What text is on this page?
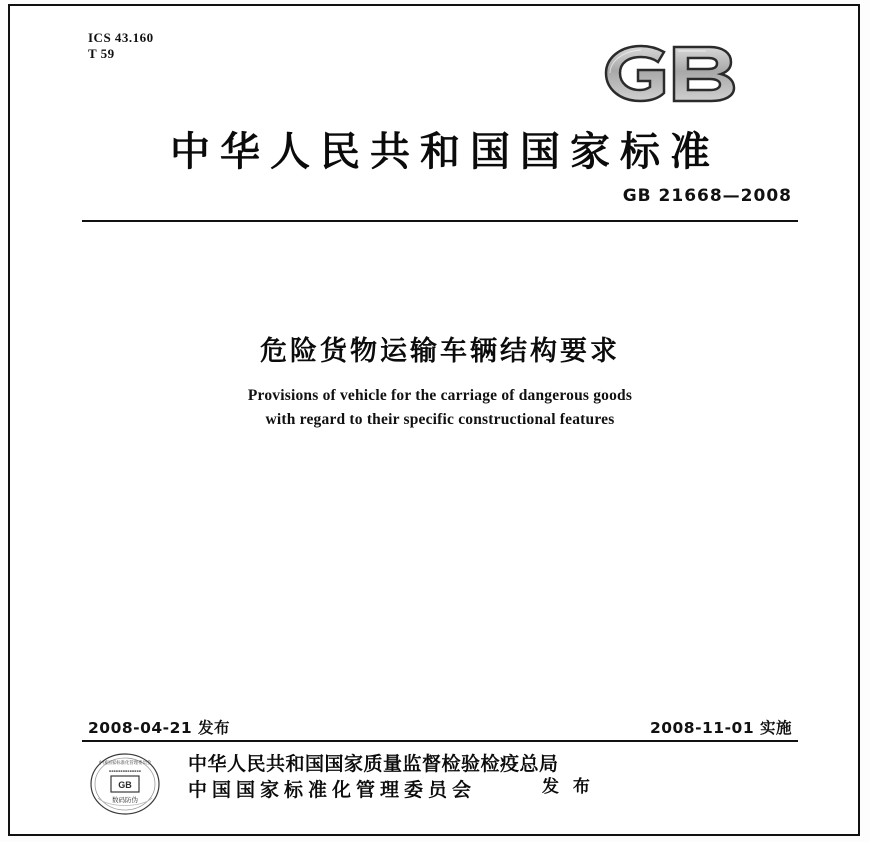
ICS 43.160
T 59
中华人民共和国国家标准
GB 21668—2008
危险货物运输车辆结构要求
Provisions of vehicle for the carriage of dangerous goods
with regard to their specific constructional features
2008-04-21 发布	2008-11-01 实施
GB
中国国家标准化管理委员会
▪▪▪▪▪▪▪▪▪▪▪▪▪▪
数码防伪
中华人民共和国国家质量监督检验检疫总局
中国国家标准化管理委员会	发 布
